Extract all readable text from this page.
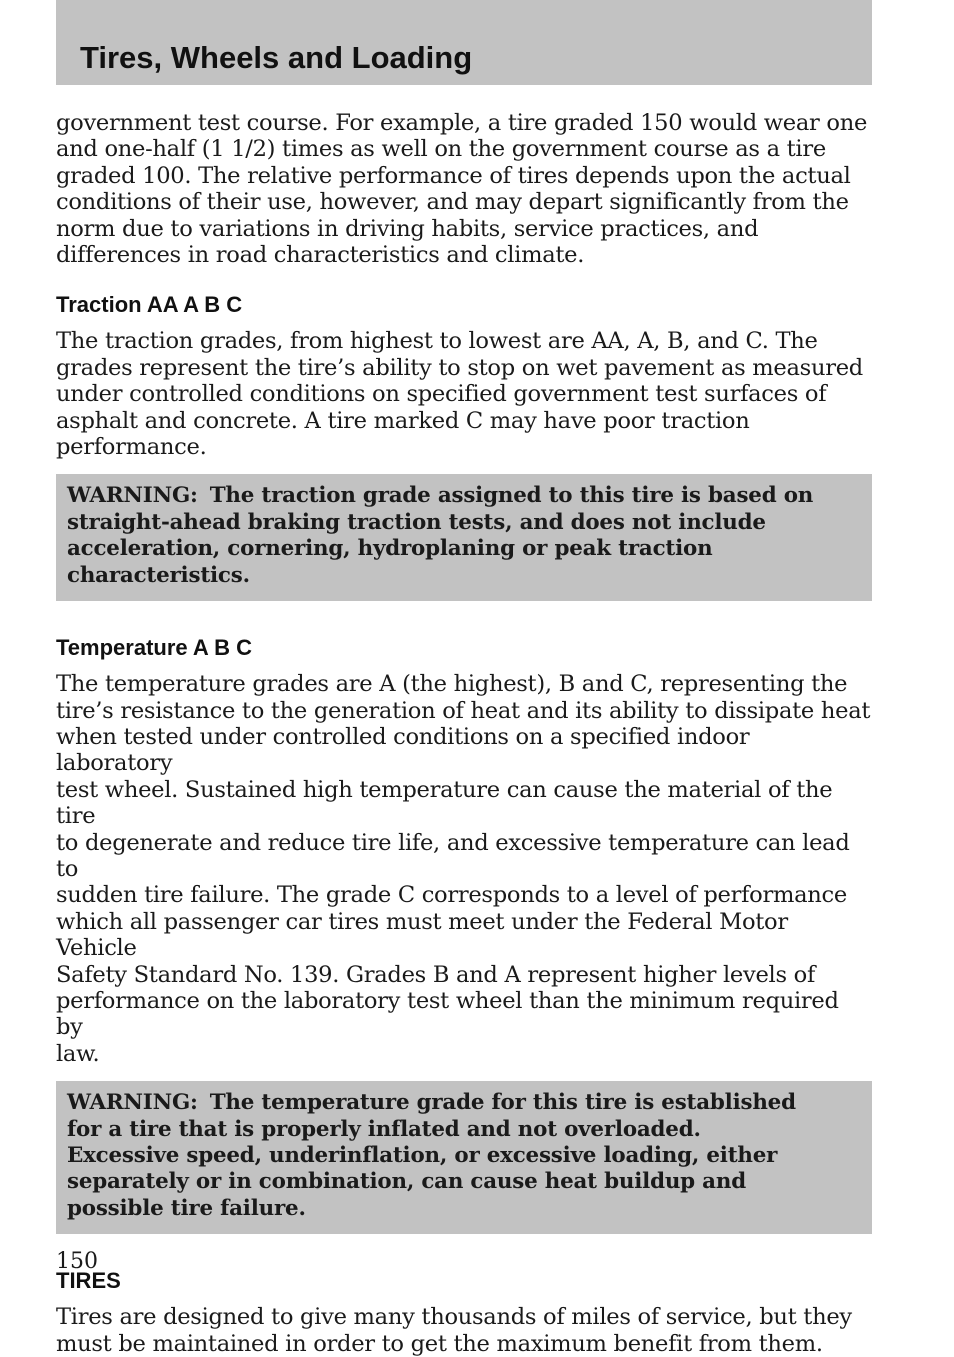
Tires, Wheels and Loading

government test course. For example, a tire graded 150 would wear one
and one-half (1 1/2) times as well on the government course as a tire
graded 100. The relative performance of tires depends upon the actual
conditions of their use, however, and may depart significantly from the
norm due to variations in driving habits, service practices, and
differences in road characteristics and climate.

Traction AA A B C

The traction grades, from highest to lowest are AA, A, B, and C. The
grades represent the tire’s ability to stop on wet pavement as measured
under controlled conditions on specified government test surfaces of
asphalt and concrete. A tire marked C may have poor traction
performance.

WARNING: The traction grade assigned to this tire is based on
straight-ahead braking traction tests, and does not include
acceleration, cornering, hydroplaning or peak traction
characteristics.

Temperature A B C

The temperature grades are A (the highest), B and C, representing the
tire’s resistance to the generation of heat and its ability to dissipate heat
when tested under controlled conditions on a specified indoor laboratory
test wheel. Sustained high temperature can cause the material of the tire
to degenerate and reduce tire life, and excessive temperature can lead to
sudden tire failure. The grade C corresponds to a level of performance
which all passenger car tires must meet under the Federal Motor Vehicle
Safety Standard No. 139. Grades B and A represent higher levels of
performance on the laboratory test wheel than the minimum required by
law.

WARNING: The temperature grade for this tire is established
for a tire that is properly inflated and not overloaded.
Excessive speed, underinflation, or excessive loading, either
separately or in combination, can cause heat buildup and
possible tire failure.

TIRES

Tires are designed to give many thousands of miles of service, but they
must be maintained in order to get the maximum benefit from them.

150
